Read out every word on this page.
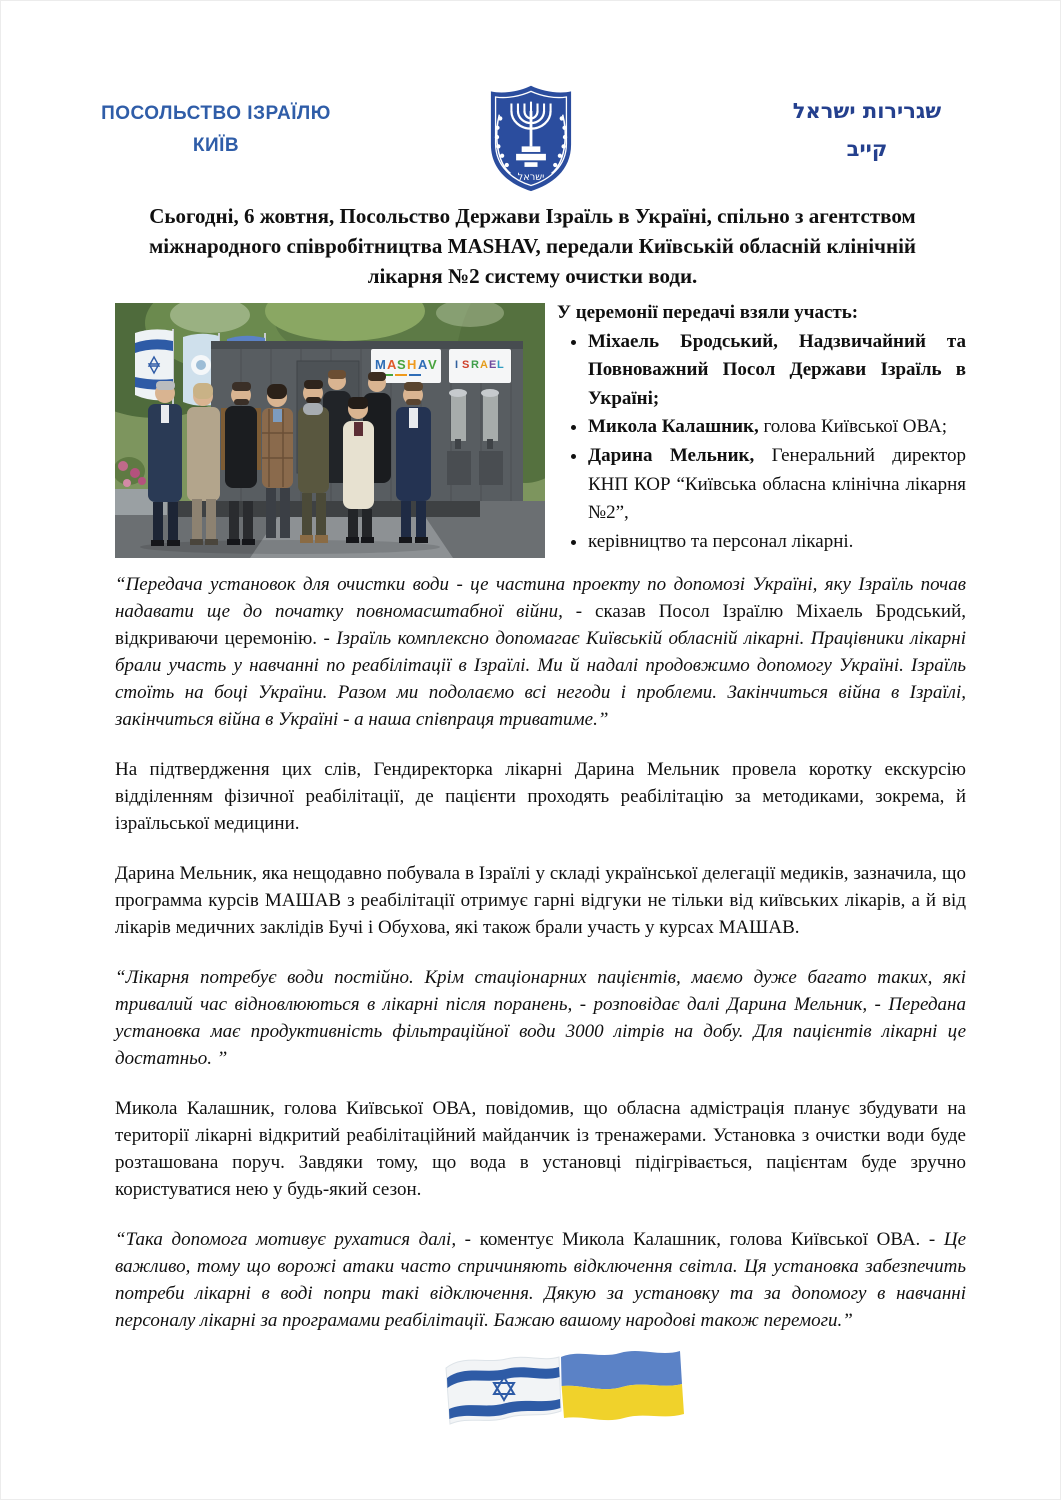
ПОСОЛЬСТВО ІЗРАЇЛЮ
КИЇВ
ישראל
שגרירות ישראל
קייב

Сьогодні, 6 жовтня, Посольство Держави Ізраїль в Україні, спільно з агентством міжнародного співробітництва MASHAV, передали Київській обласній клінічній лікарня №2 систему очистки води.

M A S H A V I S R A E L
У церемонії передачі взяли участь:
• Міхаель Бродський, Надзвичайний та Повноважний Посол Держави Ізраїль в Україні;
• Микола Калашник, голова Київської ОВА;
• Дарина Мельник, Генеральний директор КНП КОР “Київська обласна клінічна лікарня №2”,
• керівництво та персонал лікарні.

“Передача установок для очистки води - це частина проекту по допомозі Україні, яку Ізраїль почав надавати ще до початку повномасштабної війни, - сказав Посол Ізраїлю Міхаель Бродський, відкриваючи церемонію. - Ізраїль комплексно допомагає Київській обласній лікарні. Працівники лікарні брали участь у навчанні по реабілітації в Ізраїлі. Ми й надалі продовжимо допомогу Україні. Ізраїль стоїть на боці України. Разом ми подолаємо всі негоди і проблеми. Закінчиться війна в Ізраїлі, закінчиться війна в Україні - а наша співпраця триватиме.”

На підтвердження цих слів, Гендиректорка лікарні Дарина Мельник провела коротку екскурсію відділенням фізичної реабілітації, де пацієнти проходять реабілітацію за методиками, зокрема, й ізраїльської медицини.

Дарина Мельник, яка нещодавно побувала в Ізраїлі у складі української делегації медиків, зазначила, що программа курсів МАШАВ з реабілітації отримує гарні відгуки не тільки від київських лікарів, а й від лікарів медичних заклідів Бучі і Обухова, які також брали участь у курсах МАШАВ.

“Лікарня потребує води постійно. Крім стаціонарних пацієнтів, маємо дуже багато таких, які тривалий час відновлюються в лікарні після поранень, - розповідає далі Дарина Мельник, - Передана установка має продуктивність фільтраційної води 3000 літрів на добу. Для пацієнтів лікарні це достатньо. ”

Микола Калашник, голова Київської ОВА, повідомив, що обласна адмістрація планує збудувати на території лікарні відкритий реабілітаційний майданчик із тренажерами. Установка з очистки води буде розташована поруч. Завдяки тому, що вода в установці підігрівається, пацієнтам буде зручно користуватися нею у будь-який сезон.

“Така допомога мотивує рухатися далі, - коментує Микола Калашник, голова Київської ОВА. - Це важливо, тому що ворожі атаки часто спричиняють відключення світла. Ця установка забезпечить потреби лікарні в воді попри такі відключення. Дякую за установку та за допомогу в навчанні персоналу лікарні за програмами реабілітації. Бажаю вашому народові також перемоги.”
